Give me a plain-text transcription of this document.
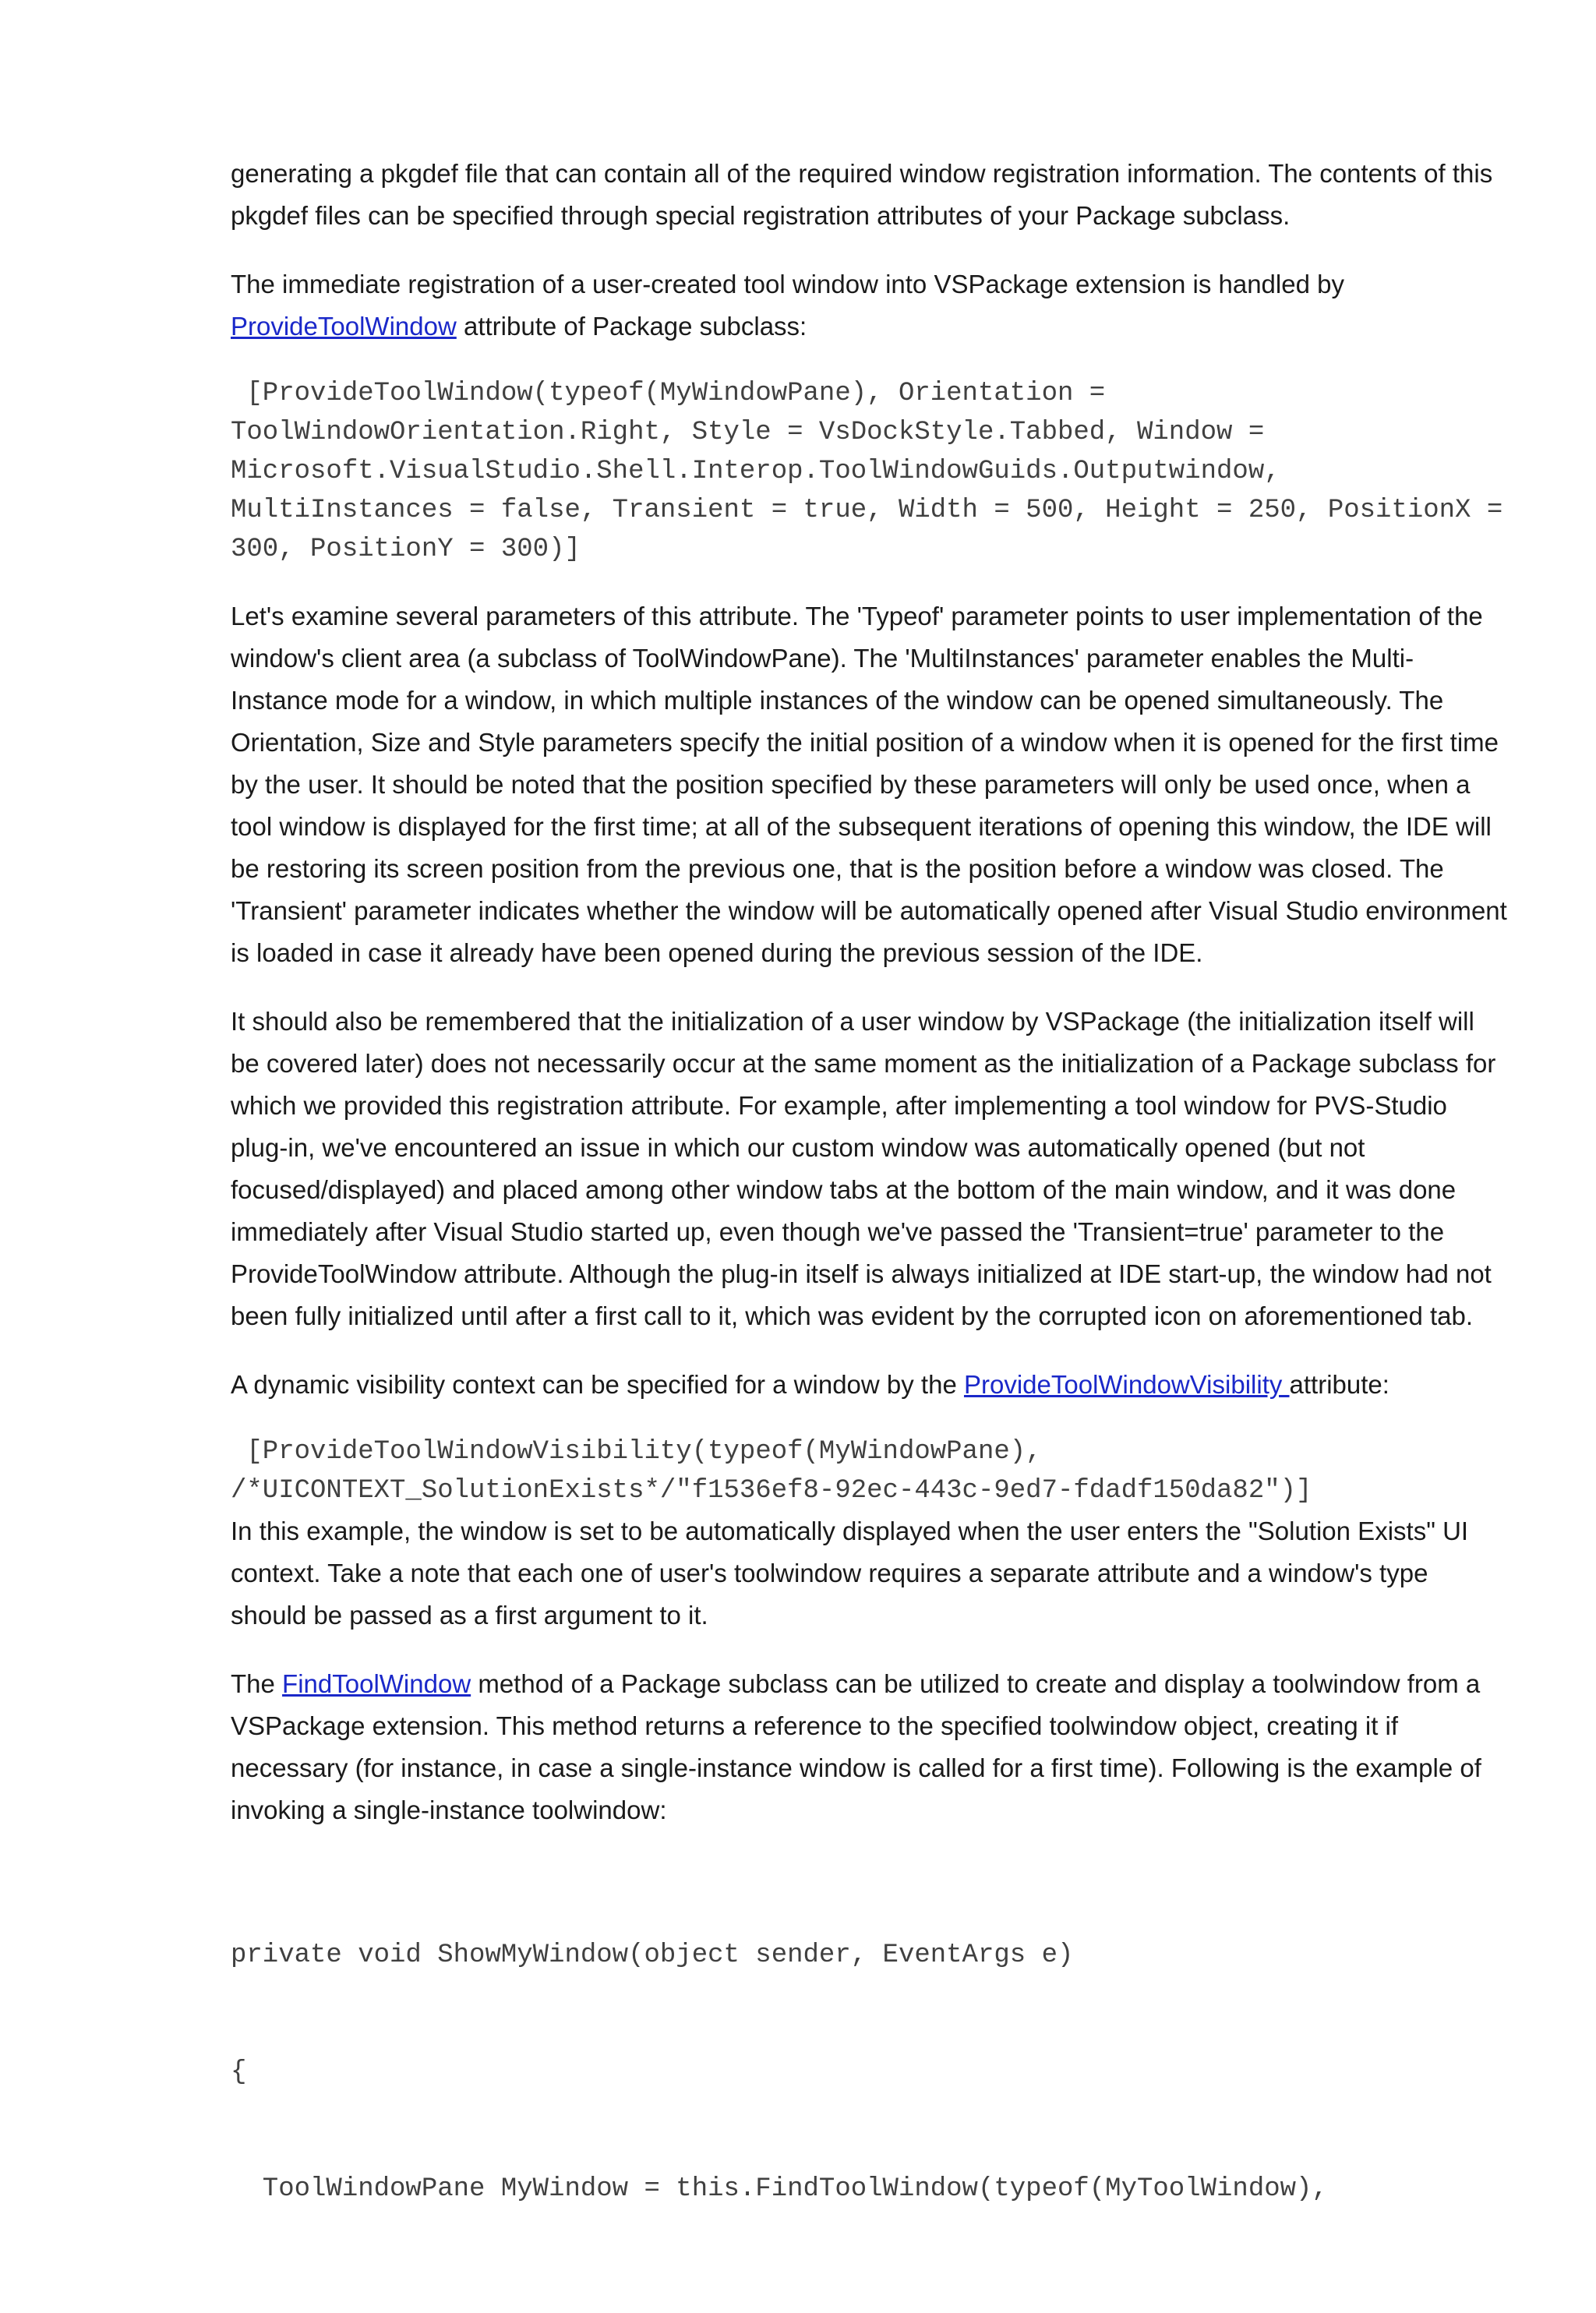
generating a pkgdef file that can contain all of the required window registration information. The contents of this pkgdef files can be specified through special registration attributes of your Package subclass.

The immediate registration of a user-created tool window into VSPackage extension is handled by ProvideToolWindow attribute of Package subclass:

[ProvideToolWindow(typeof(MyWindowPane), Orientation = ToolWindowOrientation.Right, Style = VsDockStyle.Tabbed, Window = Microsoft.VisualStudio.Shell.Interop.ToolWindowGuids.Outputwindow, MultiInstances = false, Transient = true, Width = 500, Height = 250, PositionX = 300, PositionY = 300)]

Let's examine several parameters of this attribute. The 'Typeof' parameter points to user implementation of the window's client area (a subclass of ToolWindowPane). The 'MultiInstances' parameter enables the Multi-Instance mode for a window, in which multiple instances of the window can be opened simultaneously. The Orientation, Size and Style parameters specify the initial position of a window when it is opened for the first time by the user. It should be noted that the position specified by these parameters will only be used once, when a tool window is displayed for the first time; at all of the subsequent iterations of opening this window, the IDE will be restoring its screen position from the previous one, that is the position before a window was closed. The 'Transient' parameter indicates whether the window will be automatically opened after Visual Studio environment is loaded in case it already have been opened during the previous session of the IDE.

It should also be remembered that the initialization of a user window by VSPackage (the initialization itself will be covered later) does not necessarily occur at the same moment as the initialization of a Package subclass for which we provided this registration attribute. For example, after implementing a tool window for PVS-Studio plug-in, we've encountered an issue in which our custom window was automatically opened (but not focused/displayed) and placed among other window tabs at the bottom of the main window, and it was done immediately after Visual Studio started up, even though we've passed the 'Transient=true' parameter to the ProvideToolWindow attribute. Although the plug-in itself is always initialized at IDE start-up, the window had not been fully initialized until after a first call to it, which was evident by the corrupted icon on aforementioned tab.

A dynamic visibility context can be specified for a window by the ProvideToolWindowVisibility attribute:

[ProvideToolWindowVisibility(typeof(MyWindowPane), /*UICONTEXT_SolutionExists*/"f1536ef8-92ec-443c-9ed7-fdadf150da82")]

In this example, the window is set to be automatically displayed when the user enters the "Solution Exists" UI context. Take a note that each one of user's toolwindow requires a separate attribute and a window's type should be passed as a first argument to it.

The FindToolWindow method of a Package subclass can be utilized to create and display a toolwindow from a VSPackage extension. This method returns a reference to the specified toolwindow object, creating it if necessary (for instance, in case a single-instance window is called for a first time). Following is the example of invoking a single-instance toolwindow:

private void ShowMyWindow(object sender, EventArgs e)

{

ToolWindowPane MyWindow = this.FindToolWindow(typeof(MyToolWindow),
